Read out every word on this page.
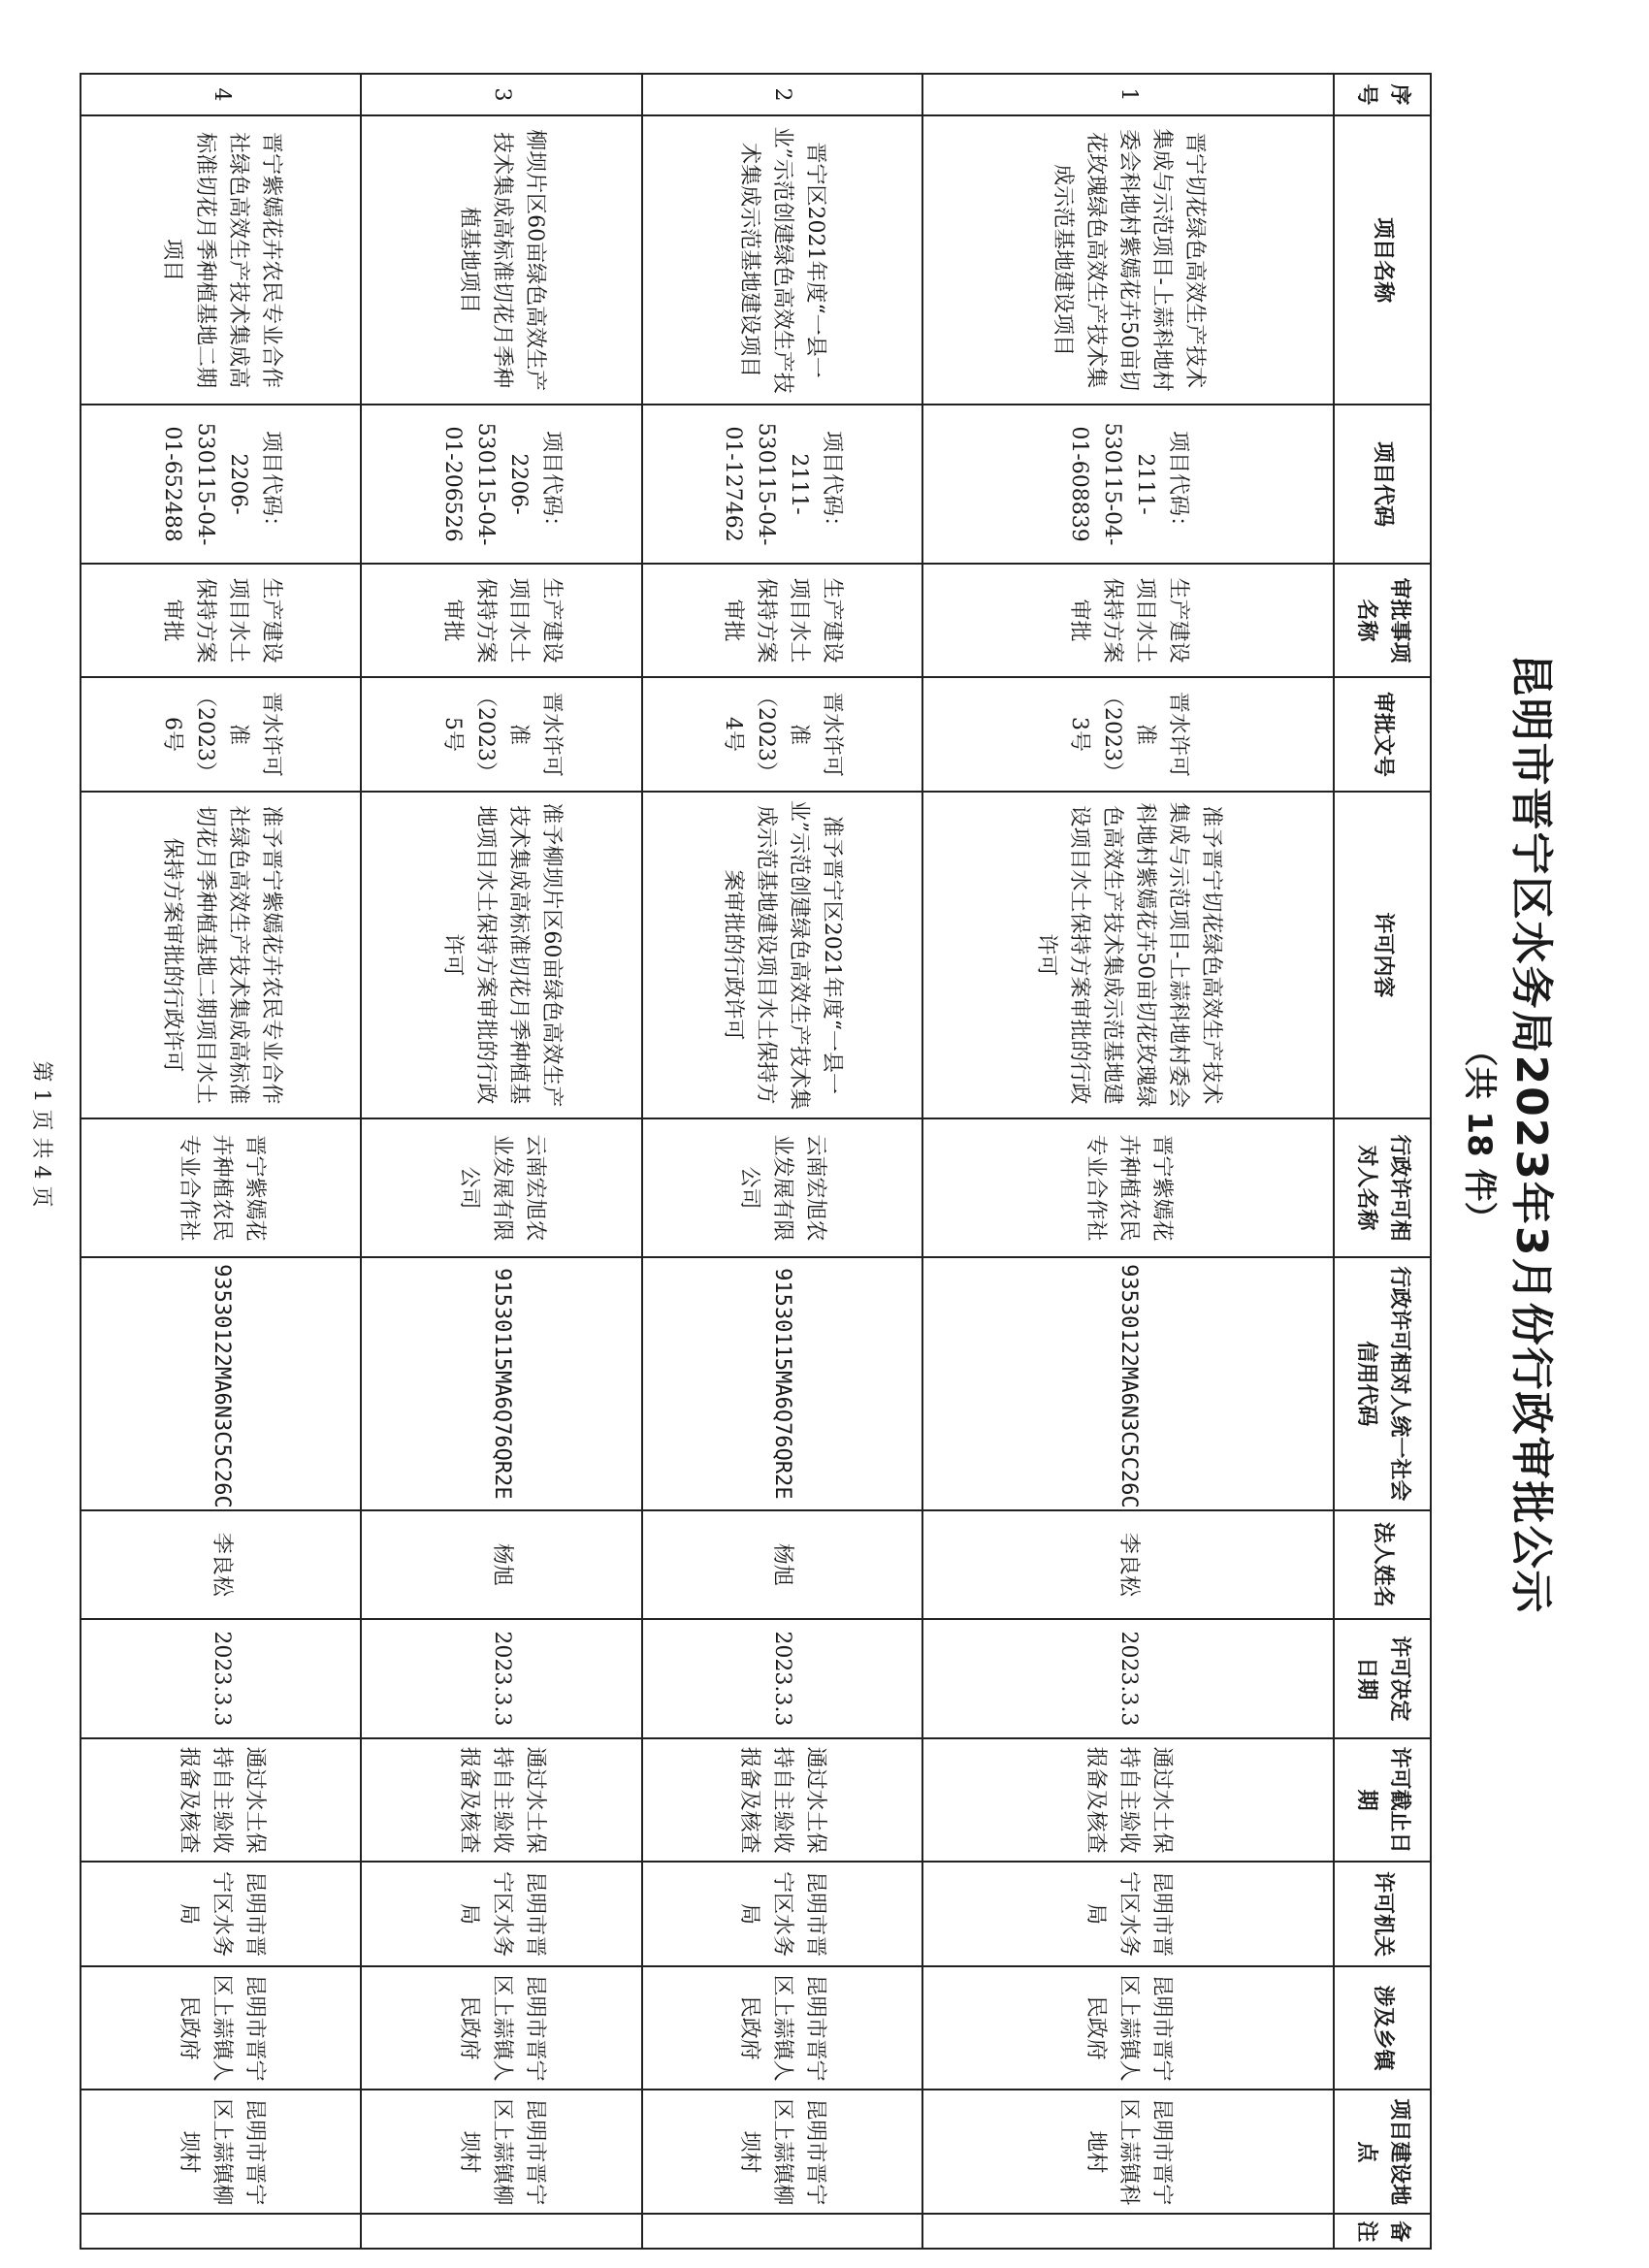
昆明市晋宁区水务局2023年3月份行政审批公示
（共 18 件）
序号	项目名称	项目代码	审批事项名称	审批文号	许可内容	行政许可相对人名称	行政许可相对人统一社会信用代码	法人姓名	许可决定日期	许可截止日期	许可机关	涉及乡镇	项目建设地点	备注
1	晋宁切花绿色高效生产技术集成与示范项目-上蒜科地村委会科地村紫嫣花卉50亩切花玫瑰绿色高效生产技术集成示范基地建设项目	项目代码：2111-530115-04-01-608839	生产建设项目水土保持方案审批	晋水许可准（2023）3号	准予晋宁切花绿色高效生产技术集成与示范项目-上蒜科地村委会科地村紫嫣花卉50亩切花玫瑰绿色高效生产技术集成示范基地建设项目水土保持方案审批的行政许可	晋宁紫嫣花卉种植农民专业合作社	93530122MA6N3C5C26C	李良松	2023.3.3	通过水土保持自主验收报备及核查	昆明市晋宁区水务局	昆明市晋宁区上蒜镇人民政府	昆明市晋宁区上蒜镇科地村	
2	晋宁区2021年度“一县一业”示范创建绿色高效生产技术集成示范基地建设项目	项目代码：2111-530115-04-01-127462	生产建设项目水土保持方案审批	晋水许可准（2023）4号	准予晋宁区2021年度“一县一业”示范创建绿色高效生产技术集成示范基地建设项目水土保持方案审批的行政许可	云南宏旭农业发展有限公司	91530115MA6Q76QR2E	杨旭	2023.3.3	通过水土保持自主验收报备及核查	昆明市晋宁区水务局	昆明市晋宁区上蒜镇人民政府	昆明市晋宁区上蒜镇柳坝村	
3	柳坝片区60亩绿色高效生产技术集成高标准切花月季种植基地项目	项目代码：2206-530115-04-01-206526	生产建设项目水土保持方案审批	晋水许可准（2023）5号	准予柳坝片区60亩绿色高效生产技术集成高标准切花月季种植基地项目水土保持方案审批的行政许可	云南宏旭农业发展有限公司	91530115MA6Q76QR2E	杨旭	2023.3.3	通过水土保持自主验收报备及核查	昆明市晋宁区水务局	昆明市晋宁区上蒜镇人民政府	昆明市晋宁区上蒜镇柳坝村	
4	晋宁紫嫣花卉农民专业合作社绿色高效生产技术集成高标准切花月季种植基地二期项目	项目代码：2206-530115-04-01-652488	生产建设项目水土保持方案审批	晋水许可准（2023）6号	准予晋宁紫嫣花卉农民专业合作社绿色高效生产技术集成高标准切花月季种植基地二期项目水土保持方案审批的行政许可	晋宁紫嫣花卉种植农民专业合作社	93530122MA6N3C5C26C	李良松	2023.3.3	通过水土保持自主验收报备及核查	昆明市晋宁区水务局	昆明市晋宁区上蒜镇人民政府	昆明市晋宁区上蒜镇柳坝村	
第 1 页 共 4 页
